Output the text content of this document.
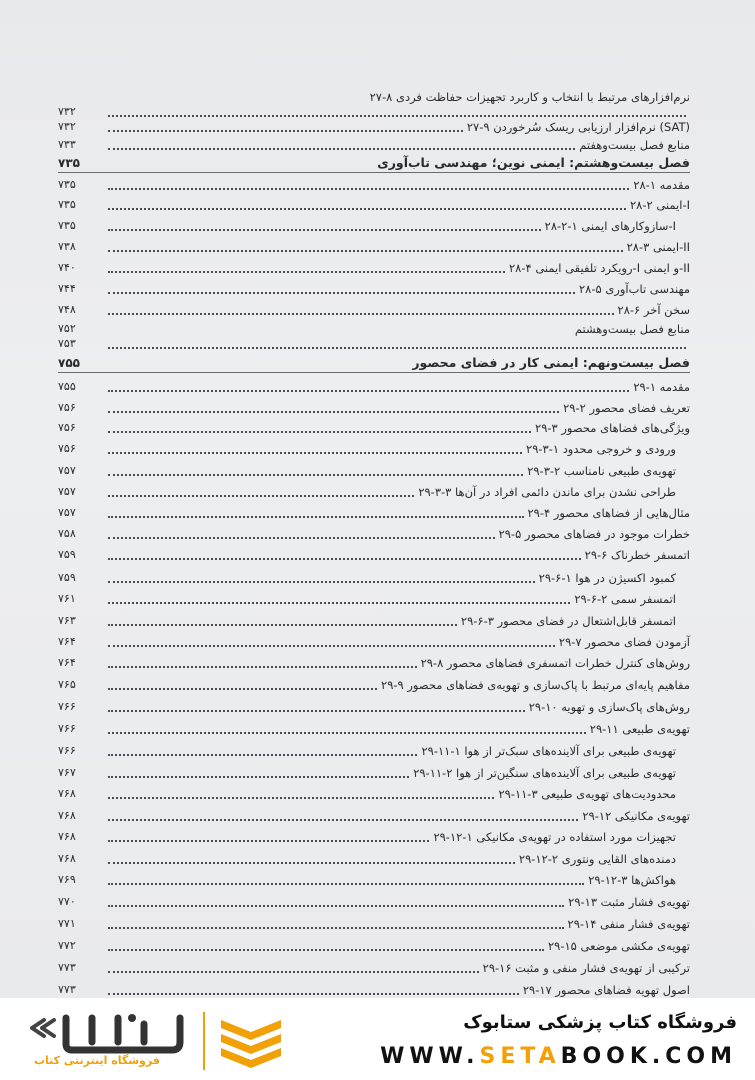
۲۷-۸ نرم‌افزارهای مرتبط با انتخاب و کاربرد تجهیزات حفاظت فردی
۷۳۲
۲۷-۹ نرم‌افزار ارزیابی ریسک سُرخوردن (SAT)
۷۳۲
منابع فصل بیست‌وهفتم
۷۳۳
فصل بیست‌وهشتم: ایمنی نوین؛ مهندسی تاب‌آوری
۷۳۵
۲۸-۱ مقدمه
۷۳۵
۲۸-۲ ایمنی-I
۷۳۵
۲۸-۲-۱ سازوکارهای ایمنی-I
۷۳۵
۲۸-۳ ایمنی-II
۷۳۸
۲۸-۴ رویکرد تلفیقی ایمنی-I و ایمنی-II
۷۴۰
۲۸-۵ مهندسی تاب‌آوری
۷۴۴
۲۸-۶ سخن آخر
۷۴۸
منابع فصل بیست‌وهشتم
۷۵۲
۷۵۳
فصل بیست‌ونهم: ایمنی کار در فضای محصور
۷۵۵
۲۹-۱ مقدمه
۷۵۵
۲۹-۲ تعریف فضای محصور
۷۵۶
۲۹-۳ ویژگی‌های فضاهای محصور
۷۵۶
۲۹-۳-۱ ورودی و خروجی محدود
۷۵۶
۲۹-۳-۲ تهویه‌ی طبیعی نامناسب
۷۵۷
۲۹-۳-۳ طراحی نشدن برای ماندن دائمی افراد در آن‌ها
۷۵۷
۲۹-۴ مثال‌هایی از فضاهای محصور
۷۵۷
۲۹-۵ خطرات موجود در فضاهای محصور
۷۵۸
۲۹-۶ اتمسفر خطرناک
۷۵۹
۲۹-۶-۱ کمبود اکسیژن در هوا
۷۵۹
۲۹-۶-۲ اتمسفر سمی
۷۶۱
۲۹-۶-۳ اتمسفر قابل‌اشتعال در فضای محصور
۷۶۳
۲۹-۷ آزمودن فضای محصور
۷۶۴
۲۹-۸ روش‌های کنترل خطرات اتمسفری فضاهای محصور
۷۶۴
۲۹-۹ مفاهیم پایه‌ای مرتبط با پاک‌سازی و تهویه‌ی فضاهای محصور
۷۶۵
۲۹-۱۰ روش‌های پاک‌سازی و تهویه
۷۶۶
۲۹-۱۱ تهویه‌ی طبیعی
۷۶۶
۲۹-۱۱-۱ تهویه‌ی طبیعی برای آلاینده‌های سبک‌تر از هوا
۷۶۶
۲۹-۱۱-۲ تهویه‌ی طبیعی برای آلاینده‌های سنگین‌تر از هوا
۷۶۷
۲۹-۱۱-۳ محدودیت‌های تهویه‌ی طبیعی
۷۶۸
۲۹-۱۲ تهویه‌ی مکانیکی
۷۶۸
۲۹-۱۲-۱ تجهیزات مورد استفاده در تهویه‌ی مکانیکی
۷۶۸
۲۹-۱۲-۲ دمنده‌های القایی ونتوری
۷۶۸
۲۹-۱۲-۳ هواکش‌ها
۷۶۹
۲۹-۱۳ تهویه‌ی فشار مثبت
۷۷۰
۲۹-۱۴ تهویه‌ی فشار منفی
۷۷۱
۲۹-۱۵ تهویه‌ی مکشی موضعی
۷۷۲
۲۹-۱۶ ترکیبی از تهویه‌ی فشار منفی و مثبت
۷۷۳
۲۹-۱۷ اصول تهویه فضاهای محصور
۷۷۳
فروشگاه کتاب پزشکی ستابوک
WWW.SETABOOK.COM
فروشگاه اینترنتی کتاب
